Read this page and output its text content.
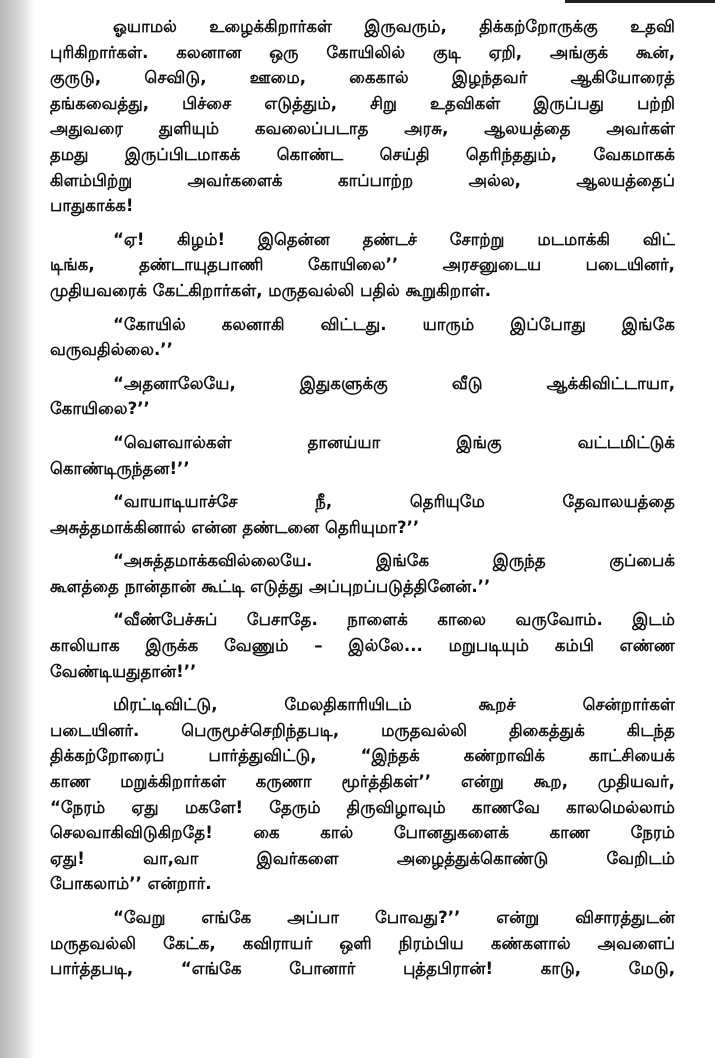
ஓயாமல் உழைக்கிறார்கள் இருவரும், திக்கற்றோருக்கு உதவி
புரிகிறார்கள். கலனான ஒரு கோயிலில் குடி ஏறி, அங்குக் கூன்,
குருடு, செவிடு, ஊமை, கைகால் இழந்தவர் ஆகியோரைத்
தங்கவைத்து, பிச்சை எடுத்தும், சிறு உதவிகள் இருப்பது பற்றி
அதுவரை துளியும் கவலைப்படாத அரசு, ஆலயத்தை அவர்கள்
தமது இருப்பிடமாகக் கொண்ட செய்தி தெரிந்ததும், வேகமாகக்
கிளம்பிற்று அவர்களைக் காப்பாற்ற அல்ல, ஆலயத்தைப்
பாதுகாக்க!
“ஏ! கிழம்! இதென்ன தண்டச் சோற்று மடமாக்கி விட்
டிங்க, தண்டாயுதபாணி கோயிலை’’ அரசனுடைய படையினர்,
முதியவரைக் கேட்கிறார்கள், மருதவல்லி பதில் கூறுகிறாள்.
“கோயில் கலனாகி விட்டது. யாரும் இப்போது இங்கே
வருவதில்லை.’’
“அதனாலேயே, இதுகளுக்கு வீடு ஆக்கிவிட்டாயா,
கோயிலை?’’
“வௌவால்கள் தானய்யா இங்கு வட்டமிட்டுக்
கொண்டிருந்தன!’’
“வாயாடியாச்சே நீ, தெரியுமே தேவாலயத்தை
அசுத்தமாக்கினால் என்ன தண்டனை தெரியுமா?’’
“அசுத்தமாக்கவில்லையே. இங்கே இருந்த குப்பைக்
கூளத்தை நான்தான் கூட்டி எடுத்து அப்புறப்படுத்தினேன்.’’
“வீண்பேச்சுப் பேசாதே. நாளைக் காலை வருவோம். இடம்
காலியாக இருக்க வேணும் – இல்லே... மறுபடியும் கம்பி எண்ண
வேண்டியதுதான்!’’
மிரட்டிவிட்டு, மேலதிகாரியிடம் கூறச் சென்றார்கள்
படையினர். பெருமூச்செறிந்தபடி, மருதவல்லி திகைத்துக் கிடந்த
திக்கற்றோரைப் பார்த்துவிட்டு, “இந்தக் கண்றாவிக் காட்சியைக்
காண மறுக்கிறார்கள் கருணா மூர்த்திகள்’’ என்று கூற, முதியவர்,
“நேரம் ஏது மகளே! தேரும் திருவிழாவும் காணவே காலமெல்லாம்
செலவாகிவிடுகிறதே! கை கால் போனதுகளைக் காண நேரம்
ஏது! வா,வா இவர்களை அழைத்துக்கொண்டு வேறிடம்
போகலாம்’’ என்றார்.
“வேறு எங்கே அப்பா போவது?’’ என்று விசாரத்துடன்
மருதவல்லி கேட்க, கவிராயர் ஒளி நிரம்பிய கண்களால் அவளைப்
பார்த்தபடி, “எங்கே போனார் புத்தபிரான்! காடு, மேடு,
